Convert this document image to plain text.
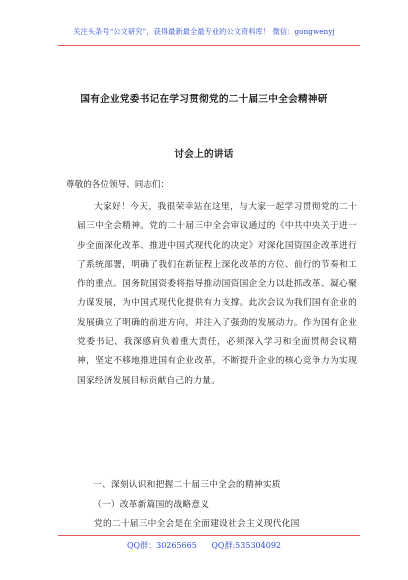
关注头条号“公文研究”，获得最新最全最专业的公文资料库！ 微信：gongwenyj
国有企业党委书记在学习贯彻党的二十届三中全会精神研
讨会上的讲话
尊敬的各位领导、同志们：
大家好！今天，我很荣幸站在这里，与大家一起学习贯彻党的二十届三中全会精神。党的二十届三中全会审议通过的《中共中央关于进一步全面深化改革、推进中国式现代化的决定》对深化国资国企改革进行了系统部署，明确了我们在新征程上深化改革的方位、前行的节奏和工作的重点。国务院国资委将指导推动国资国企全力以赴抓改革、凝心聚力谋发展，为中国式现代化提供有力支撑。此次会议为我们国有企业的发展确立了明确的前进方向，并注入了强劲的发展动力。作为国有企业党委书记，我深感肩负着重大责任，必须深入学习和全面贯彻会议精神，坚定不移地推进国有企业改革，不断提升企业的核心竞争力为实现国家经济发展目标贡献自己的力量。
一、深刻认识和把握二十届三中全会的精神实质
（一）改革新篇国的战略意义
党的二十届三中全会是在全面建设社会主义现代化国
QQ群：30265665 QQ群:535304092
